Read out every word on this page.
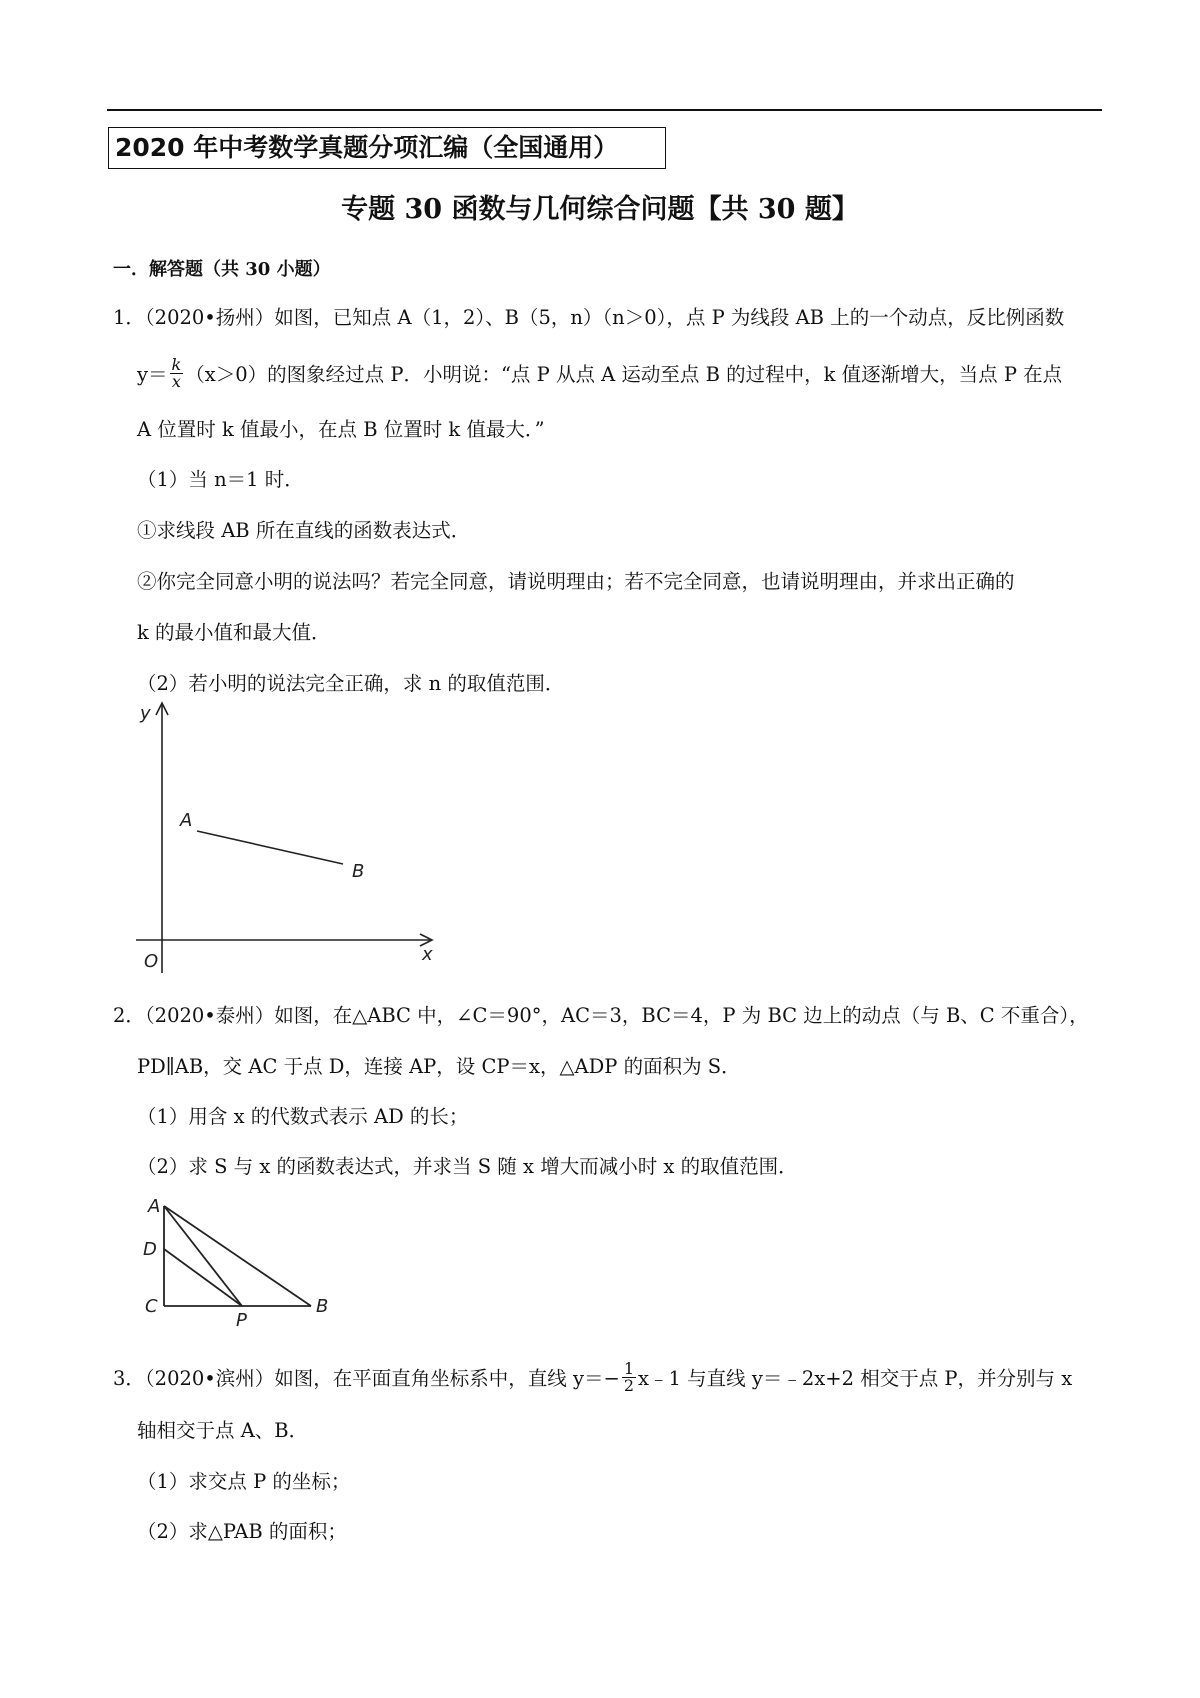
2020 年中考数学真题分项汇编（全国通用）
专题 30 函数与几何综合问题【共 30 题】
一．解答题（共 30 小题）
1．（2020•扬州）如图，已知点 A（1，2）、B（5，n）（n＞0），点 P 为线段 AB 上的一个动点，反比例函数
$y= \frac{k}{x} (x>0)$的图象经过点 P．小明说：“点 P 从点 A 运动至点 B 的过程中，k 值逐渐增大，当点 P 在点
A 位置时 k 值最小，在点 B 位置时 k 值最大．”
（1）当 n＝1 时．
①求线段 AB 所在直线的函数表达式．
②你完全同意小明的说法吗？若完全同意，请说明理由；若不完全同意，也请说明理由，并求出正确的
k 的最小值和最大值．
（2）若小明的说法完全正确，求 n 的取值范围．
y
x
O
A
B
2．（2020•泰州）如图，在△ABC 中，∠C＝90°，AC＝3，BC＝4，P 为 BC 边上的动点（与 B、C 不重合），
PD∥AB，交 AC 于点 D，连接 AP，设 CP＝x，△ADP 的面积为 S．
（1）用含 x 的代数式表示 AD 的长；
（2）求 S 与 x 的函数表达式，并求当 S 随 x 增大而减小时 x 的取值范围．
A
D
C
P
B
3．（2020•滨州）如图，在平面直角坐标系中，直线 $y=- \frac{1}{2}$ x﹣1 与直线 y＝﹣2x+2 相交于点 P，并分别与 x
轴相交于点 A、B．
（1）求交点 P 的坐标；
（2）求△PAB 的面积；
